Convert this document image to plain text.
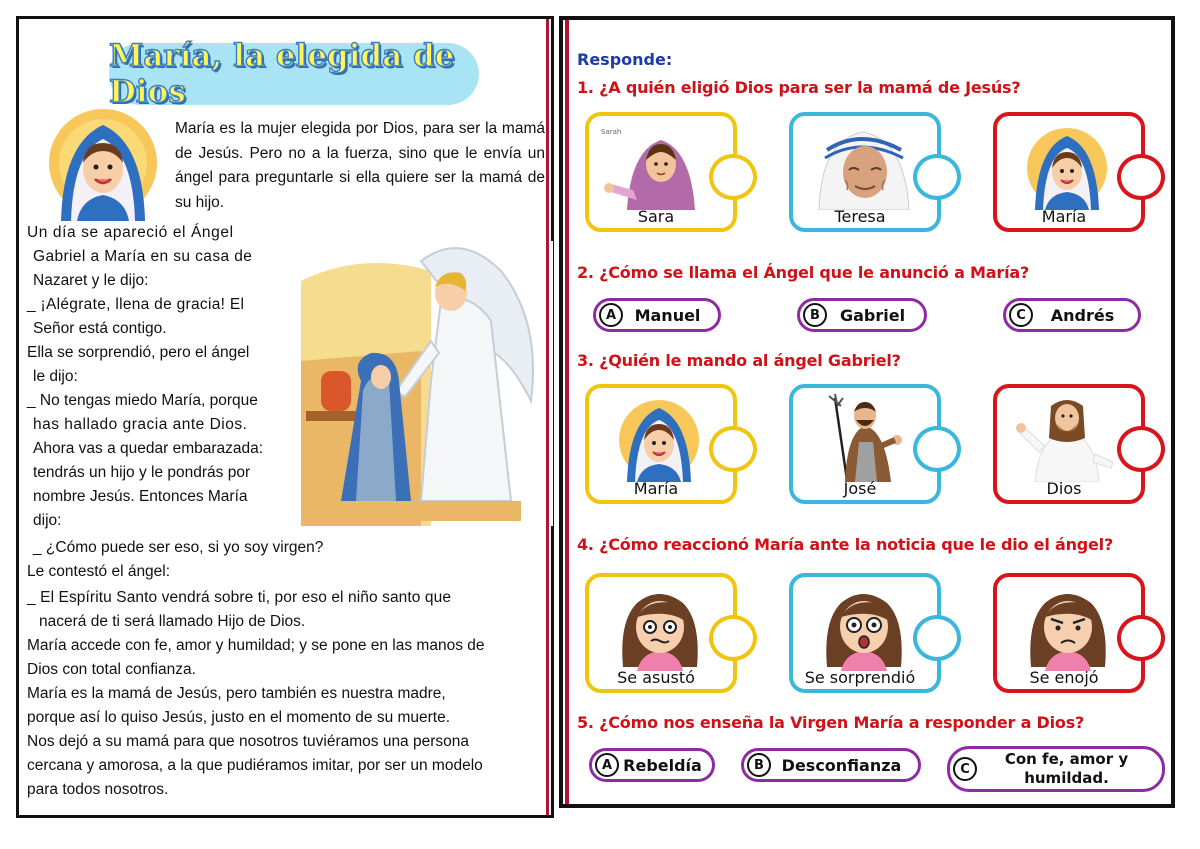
María, la elegida de Dios
María es la mujer elegida por Dios, para ser la mamá de Jesús. Pero no a la fuerza, sino que le envía un ángel para preguntarle si ella quiere ser la mamá de su hijo.
Un día se apareció el Ángel
Gabriel a María en su casa de
Nazaret y le dijo:
_ ¡Alégrate, llena de gracia! El
Señor está contigo.
Ella se sorprendió, pero el ángel
le dijo:
_ No tengas miedo María, porque
has hallado gracia ante Dios.
Ahora vas a quedar embarazada:
tendrás un hijo y le pondrás por
nombre Jesús. Entonces María
dijo:
_ ¿Cómo puede ser eso, si yo soy virgen?
Le contestó el ángel:
_ El Espíritu Santo vendrá sobre ti, por eso el niño santo que
nacerá de ti será llamado Hijo de Dios.
María accede con fe, amor y humildad; y se pone en las manos de
Dios con total confianza.
María es la mamá de Jesús, pero también es nuestra madre,
porque así lo quiso Jesús, justo en el momento de su muerte.
Nos dejó a su mamá para que nosotros tuviéramos una persona
cercana y amorosa, a la que pudiéramos imitar, por ser un modelo
para todos nosotros.
Responde:
1. ¿A quién eligió Dios para ser la mamá de Jesús?
Sarah
Sara	Teresa	María
2. ¿Cómo se llama el Ángel que le anunció a María?
A	Manuel	B	Gabriel	C	Andrés
3. ¿Quién le mando al ángel Gabriel?
María	José	Dios
4. ¿Cómo reaccionó María ante la noticia que le dio el ángel?
Se asustó	Se sorprendió	Se enojó
5. ¿Cómo nos enseña la Virgen María a responder a Dios?
A Rebeldía	B	Desconfianza	C
Con fe, amor y humildad.
